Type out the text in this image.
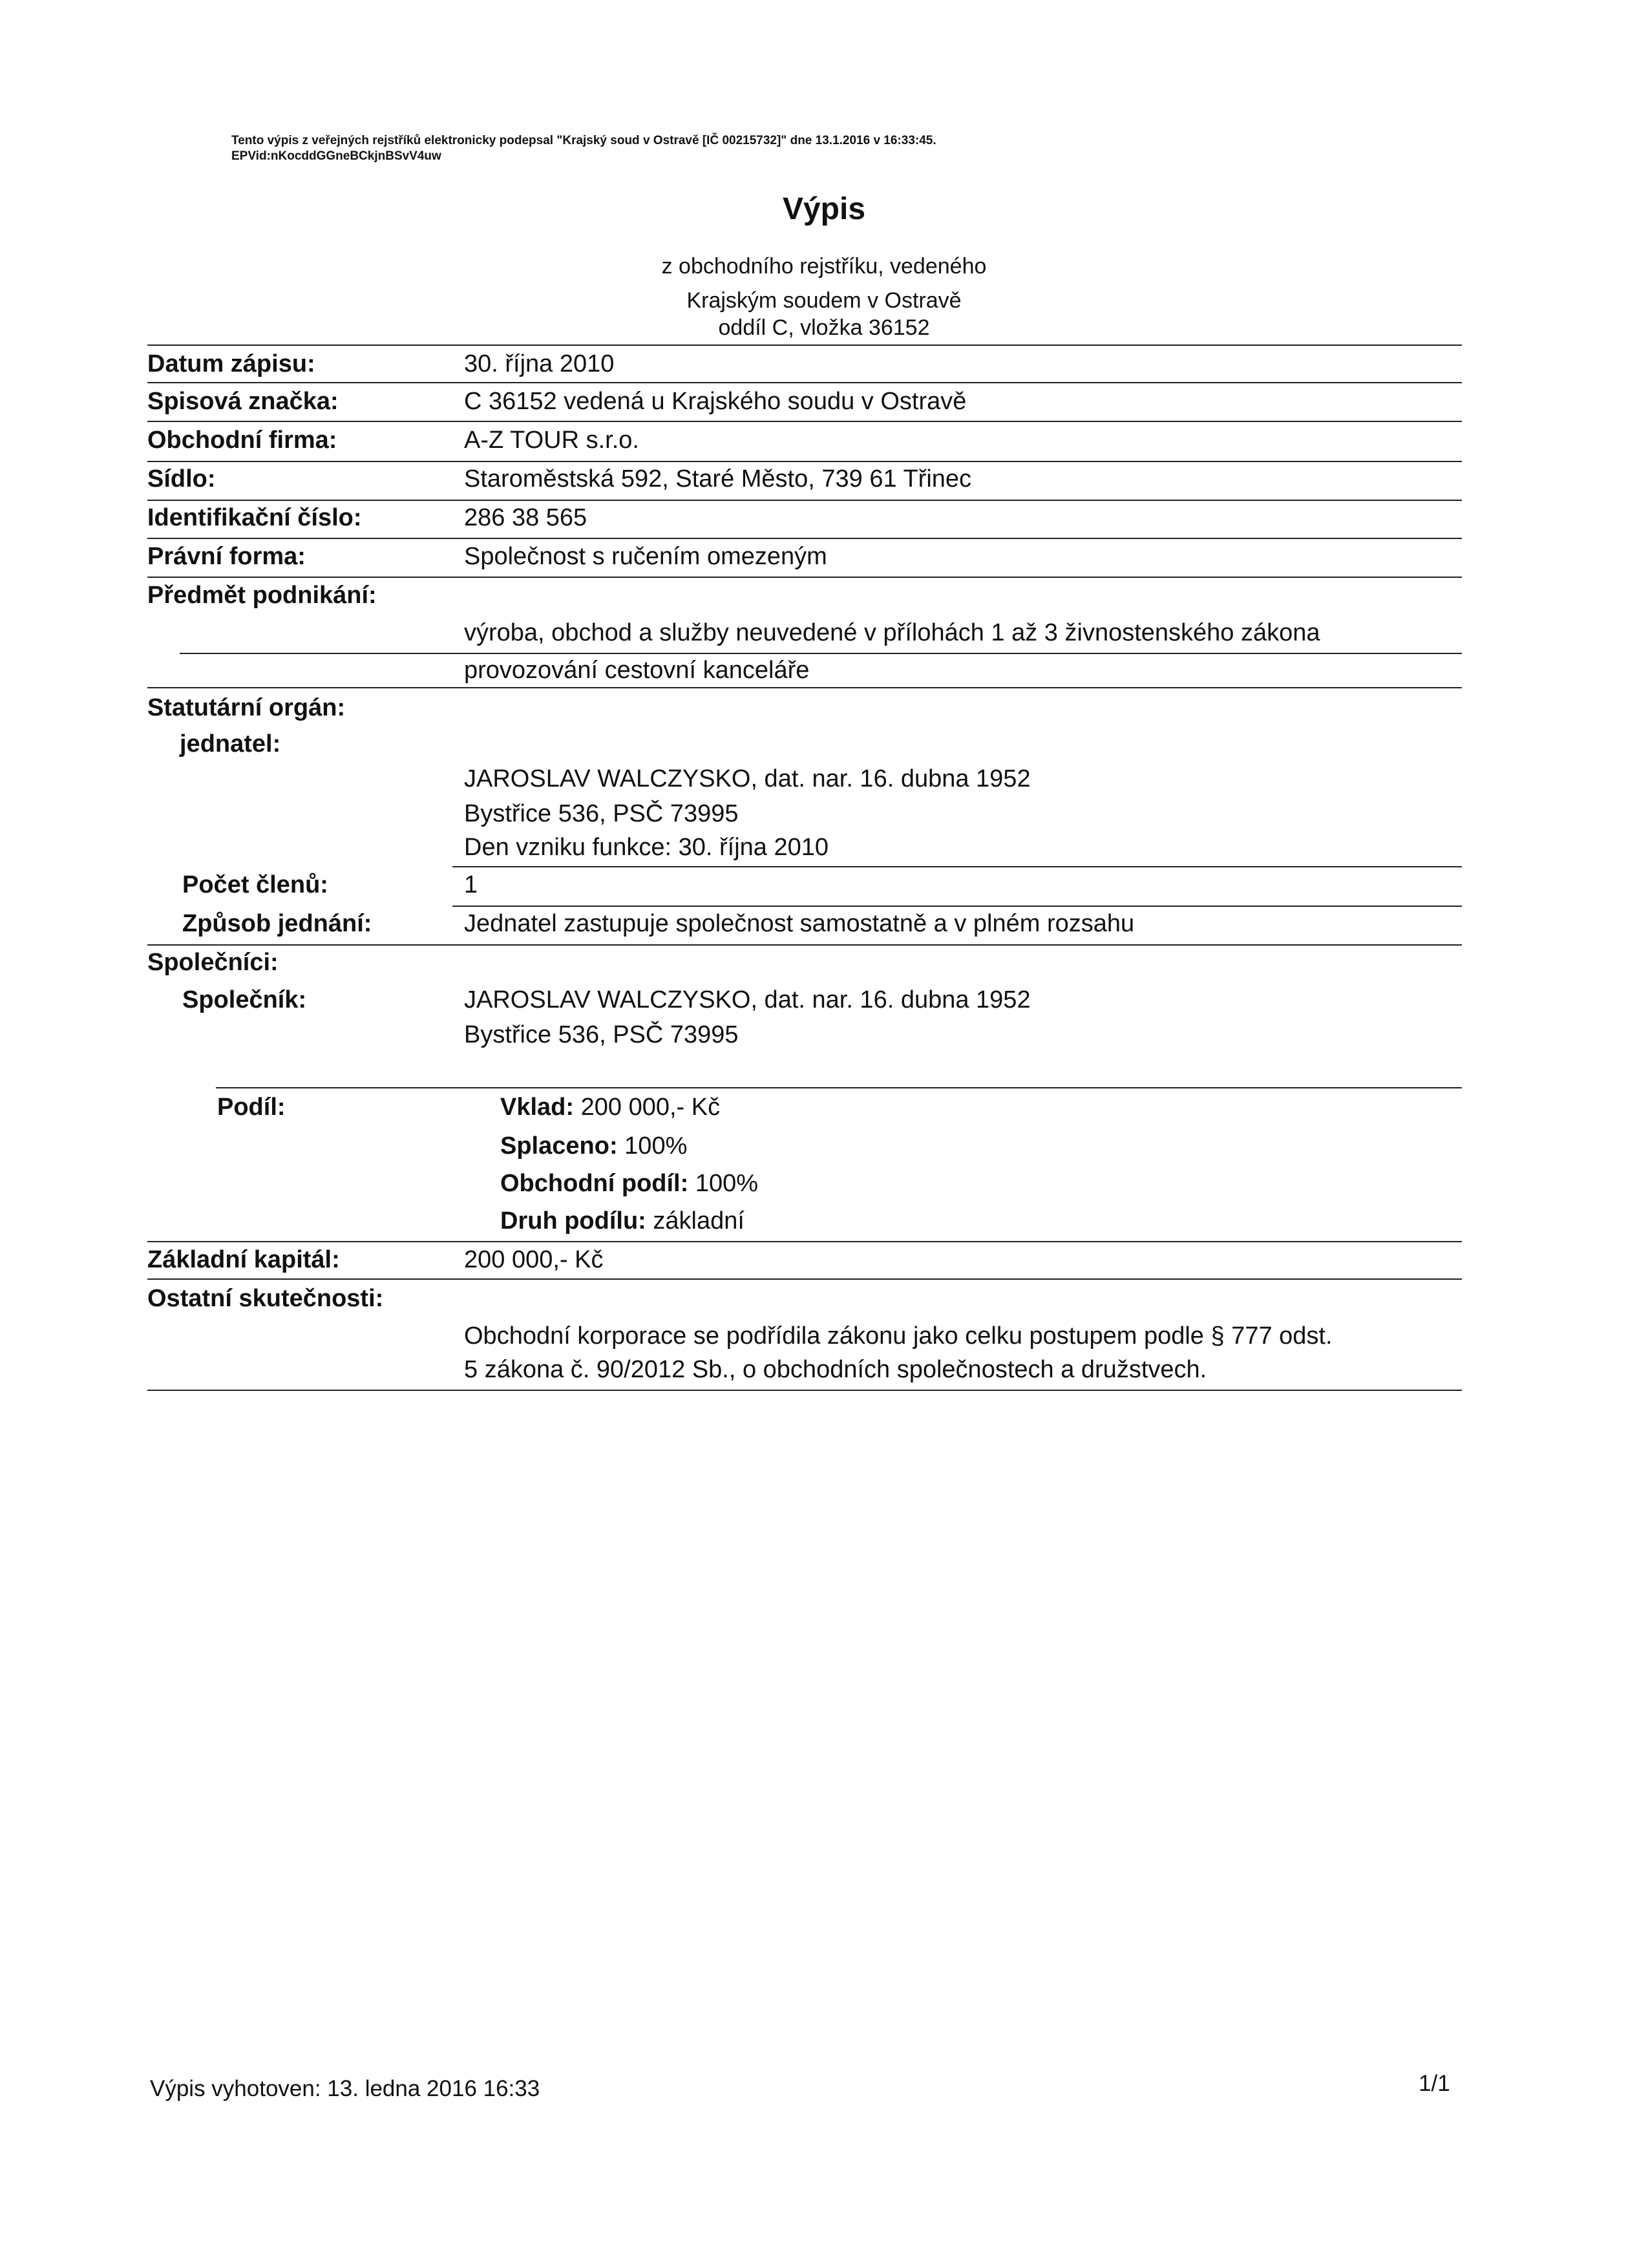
Tento výpis z veřejných rejstříků elektronicky podepsal "Krajský soud v Ostravě [IČ 00215732]" dne 13.1.2016 v 16:33:45.
EPVid:nKocddGGneBCkjnBSvV4uw
Výpis
z obchodního rejstříku, vedeného
Krajským soudem v Ostravě
oddíl C, vložka 36152
Datum zápisu:	30. října 2010
Spisová značka:	C 36152 vedená u Krajského soudu v Ostravě
Obchodní firma:	A-Z TOUR s.r.o.
Sídlo:	Staroměstská 592, Staré Město, 739 61 Třinec
Identifikační číslo:	286 38 565
Právní forma:	Společnost s ručením omezeným
Předmět podnikání:
výroba, obchod a služby neuvedené v přílohách 1 až 3 živnostenského zákona
provozování cestovní kanceláře
Statutární orgán:
jednatel:
JAROSLAV WALCZYSKO, dat. nar. 16. dubna 1952
Bystřice 536, PSČ 73995
Den vzniku funkce: 30. října 2010
Počet členů:	1
Způsob jednání:	Jednatel zastupuje společnost samostatně a v plném rozsahu
Společníci:
Společník:	JAROSLAV WALCZYSKO, dat. nar. 16. dubna 1952
Bystřice 536, PSČ 73995
Podíl:	Vklad: 200 000,- Kč
Splaceno: 100%
Obchodní podíl: 100%
Druh podílu: základní
Základní kapitál:	200 000,- Kč
Ostatní skutečnosti:
Obchodní korporace se podřídila zákonu jako celku postupem podle § 777 odst.
5 zákona č. 90/2012 Sb., o obchodních společnostech a družstvech.
Výpis vyhotoven: 13. ledna 2016 16:33	1/1
